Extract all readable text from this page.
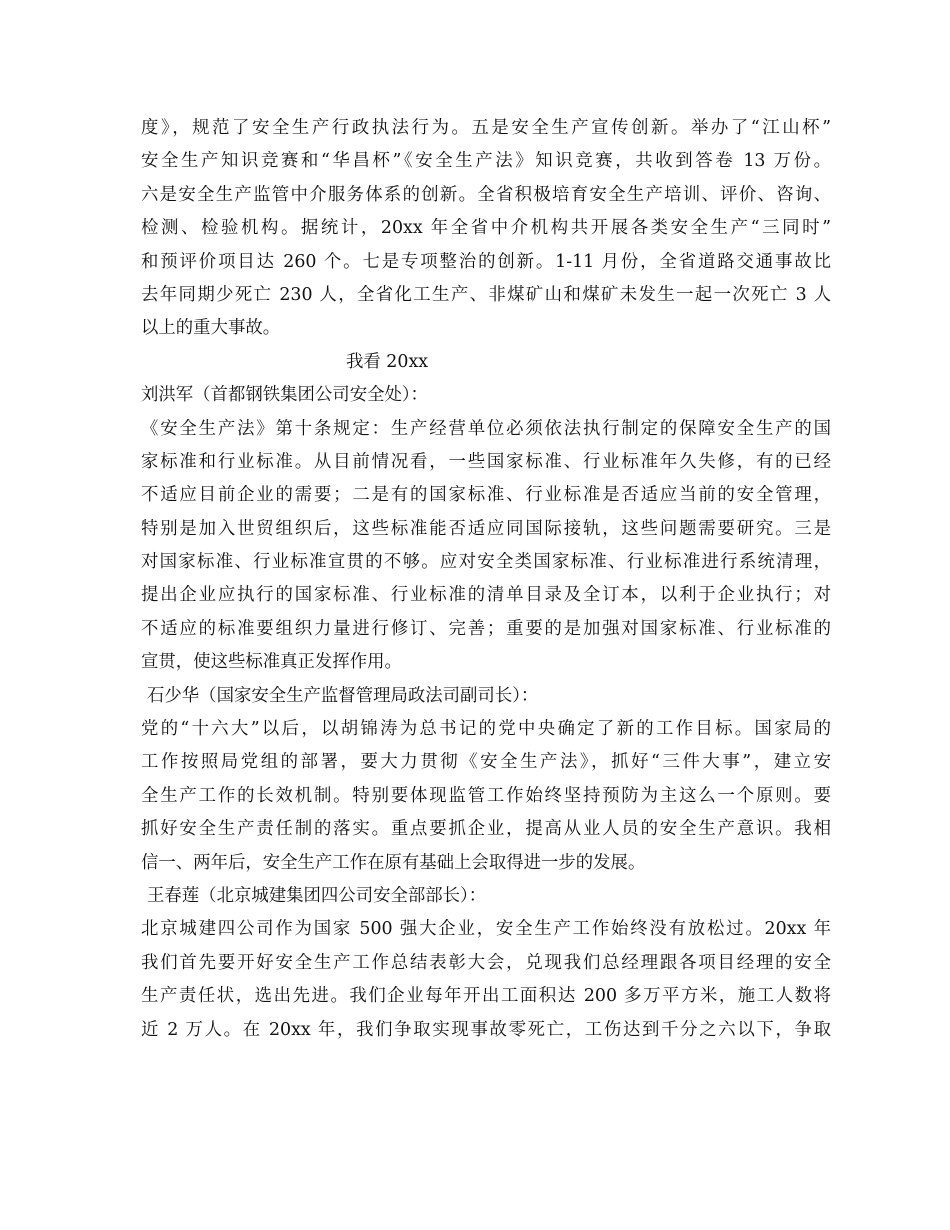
度》，规范了安全生产行政执法行为。五是安全生产宣传创新。举办了“江山杯”
安全生产知识竞赛和“华昌杯”《安全生产法》知识竞赛，共收到答卷 13 万份。
六是安全生产监管中介服务体系的创新。全省积极培育安全生产培训、评价、咨询、
检测、检验机构。据统计，20xx 年全省中介机构共开展各类安全生产“三同时”
和预评价项目达 260 个。七是专项整治的创新。1-11 月份，全省道路交通事故比
去年同期少死亡 230 人，全省化工生产、非煤矿山和煤矿未发生一起一次死亡 3 人
以上的重大事故。
我看 20xx
刘洪军（首都钢铁集团公司安全处）：
《安全生产法》第十条规定：生产经营单位必须依法执行制定的保障安全生产的国
家标准和行业标准。从目前情况看，一些国家标准、行业标准年久失修，有的已经
不适应目前企业的需要；二是有的国家标准、行业标准是否适应当前的安全管理，
特别是加入世贸组织后，这些标准能否适应同国际接轨，这些问题需要研究。三是
对国家标准、行业标准宣贯的不够。应对安全类国家标准、行业标准进行系统清理，
提出企业应执行的国家标准、行业标准的清单目录及全订本，以利于企业执行；对
不适应的标准要组织力量进行修订、完善；重要的是加强对国家标准、行业标准的
宣贯，使这些标准真正发挥作用。
石少华（国家安全生产监督管理局政法司副司长）：
党的“十六大”以后，以胡锦涛为总书记的党中央确定了新的工作目标。国家局的
工作按照局党组的部署，要大力贯彻《安全生产法》，抓好“三件大事”，建立安
全生产工作的长效机制。特别要体现监管工作始终坚持预防为主这么一个原则。要
抓好安全生产责任制的落实。重点要抓企业，提高从业人员的安全生产意识。我相
信一、两年后，安全生产工作在原有基础上会取得进一步的发展。
王春莲（北京城建集团四公司安全部部长）：
北京城建四公司作为国家 500 强大企业，安全生产工作始终没有放松过。20xx 年
我们首先要开好安全生产工作总结表彰大会，兑现我们总经理跟各项目经理的安全
生产责任状，选出先进。我们企业每年开出工面积达 200 多万平方米，施工人数将
近 2 万人。在 20xx 年，我们争取实现事故零死亡，工伤达到千分之六以下，争取
